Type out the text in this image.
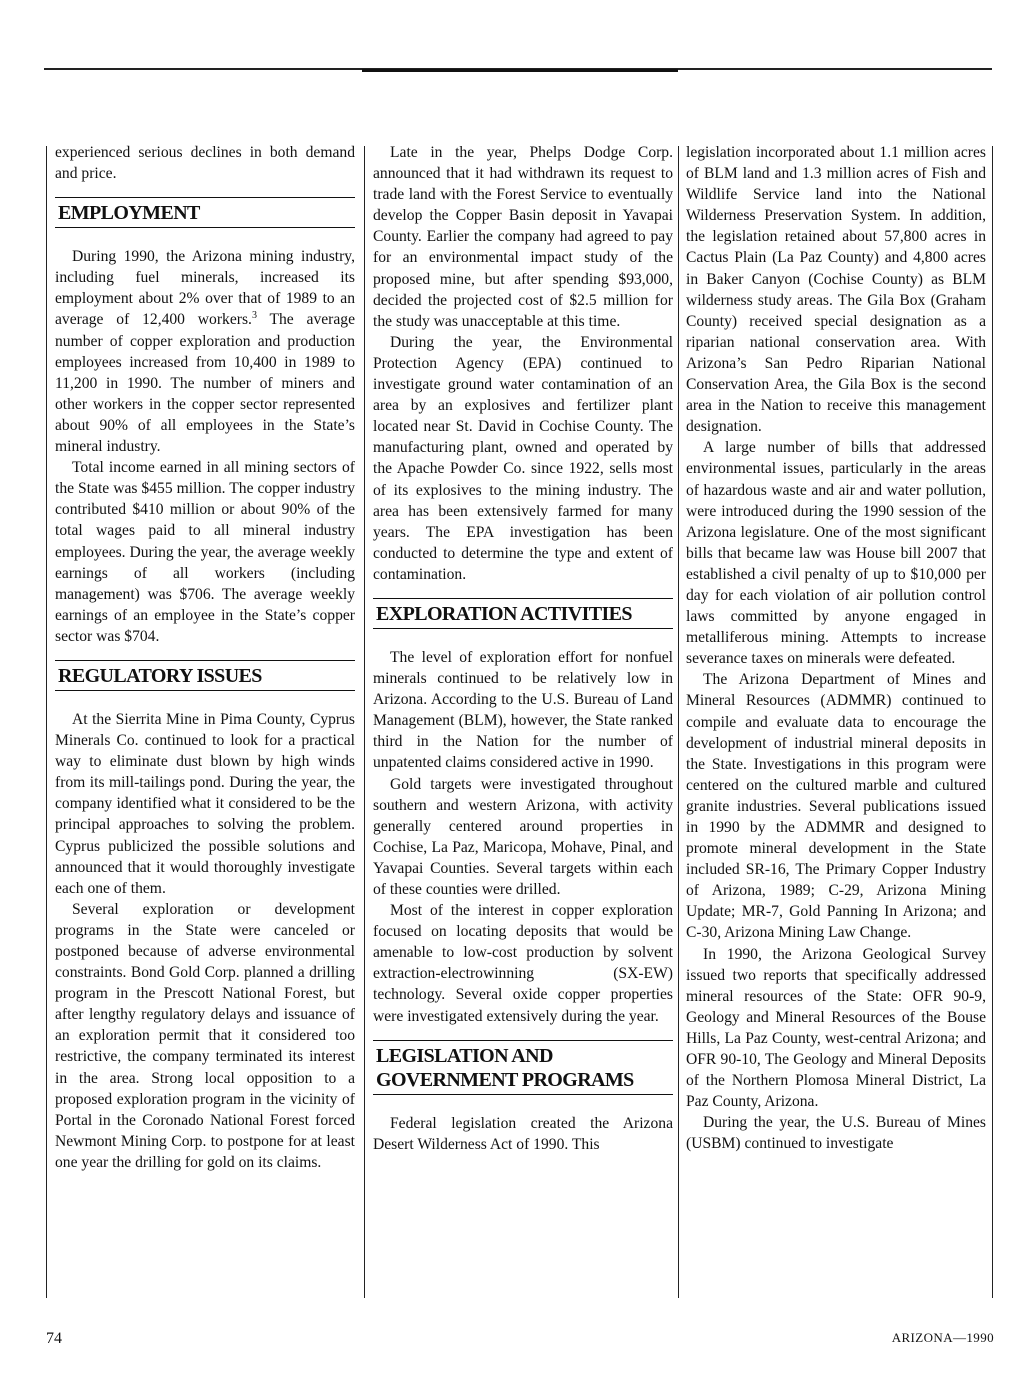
experienced serious declines in both demand and price.

EMPLOYMENT

During 1990, the Arizona mining industry, including fuel minerals, increased its employment about 2% over that of 1989 to an average of 12,400 workers.$^3$ The average number of copper exploration and production employees increased from 10,400 in 1989 to 11,200 in 1990. The number of miners and other workers in the copper sector represented about 90% of all employees in the State’s mineral industry.

Total income earned in all mining sectors of the State was $455 million. The copper industry contributed $410 million or about 90% of the total wages paid to all mineral industry employees. During the year, the average weekly earnings of all workers (including management) was $706. The average weekly earnings of an employee in the State’s copper sector was $704.

REGULATORY ISSUES

At the Sierrita Mine in Pima County, Cyprus Minerals Co. continued to look for a practical way to eliminate dust blown by high winds from its mill-tailings pond. During the year, the company identified what it considered to be the principal approaches to solving the problem. Cyprus publicized the possible solutions and announced that it would thoroughly investigate each one of them.

Several exploration or development programs in the State were canceled or postponed because of adverse environmental constraints. Bond Gold Corp. planned a drilling program in the Prescott National Forest, but after lengthy regulatory delays and issuance of an exploration permit that it considered too restrictive, the company terminated its interest in the area. Strong local opposition to a proposed exploration program in the vicinity of Portal in the Coronado National Forest forced Newmont Mining Corp. to postpone for at least one year the drilling for gold on its claims.

Late in the year, Phelps Dodge Corp. announced that it had withdrawn its request to trade land with the Forest Service to eventually develop the Copper Basin deposit in Yavapai County. Earlier the company had agreed to pay for an environmental impact study of the proposed mine, but after spending $93,000, decided the projected cost of $2.5 million for the study was unacceptable at this time.

During the year, the Environmental Protection Agency (EPA) continued to investigate ground water contamination of an area by an explosives and fertilizer plant located near St. David in Cochise County. The manufacturing plant, owned and operated by the Apache Powder Co. since 1922, sells most of its explosives to the mining industry. The area has been extensively farmed for many years. The EPA investigation has been conducted to determine the type and extent of contamination.

EXPLORATION ACTIVITIES

The level of exploration effort for nonfuel minerals continued to be relatively low in Arizona. According to the U.S. Bureau of Land Management (BLM), however, the State ranked third in the Nation for the number of unpatented claims considered active in 1990.

Gold targets were investigated throughout southern and western Arizona, with activity generally centered around properties in Cochise, La Paz, Maricopa, Mohave, Pinal, and Yavapai Counties. Several targets within each of these counties were drilled.

Most of the interest in copper exploration focused on locating deposits that would be amenable to low-cost production by solvent extraction-electrowinning (SX-EW) technology. Several oxide copper properties were investigated extensively during the year.

LEGISLATION AND
GOVERNMENT PROGRAMS

Federal legislation created the Arizona Desert Wilderness Act of 1990. This

legislation incorporated about 1.1 million acres of BLM land and 1.3 million acres of Fish and Wildlife Service land into the National Wilderness Preservation System. In addition, the legislation retained about 57,800 acres in Cactus Plain (La Paz County) and 4,800 acres in Baker Canyon (Cochise County) as BLM wilderness study areas. The Gila Box (Graham County) received special designation as a riparian national conservation area. With Arizona’s San Pedro Riparian National Conservation Area, the Gila Box is the second area in the Nation to receive this management designation.

A large number of bills that addressed environmental issues, particularly in the areas of hazardous waste and air and water pollution, were introduced during the 1990 session of the Arizona legislature. One of the most significant bills that became law was House bill 2007 that established a civil penalty of up to $10,000 per day for each violation of air pollution control laws committed by anyone engaged in metalliferous mining. Attempts to increase severance taxes on minerals were defeated.

The Arizona Department of Mines and Mineral Resources (ADMMR) continued to compile and evaluate data to encourage the development of industrial mineral deposits in the State. Investigations in this program were centered on the cultured marble and cultured granite industries. Several publications issued in 1990 by the ADMMR and designed to promote mineral development in the State included SR-16, The Primary Copper Industry of Arizona, 1989; C-29, Arizona Mining Update; MR-7, Gold Panning In Arizona; and C-30, Arizona Mining Law Change.

In 1990, the Arizona Geological Survey issued two reports that specifically addressed mineral resources of the State: OFR 90-9, Geology and Mineral Resources of the Bouse Hills, La Paz County, west-central Arizona; and OFR 90-10, The Geology and Mineral Deposits of the Northern Plomosa Mineral District, La Paz County, Arizona.

During the year, the U.S. Bureau of Mines (USBM) continued to investigate

74	ARIZONA—1990
